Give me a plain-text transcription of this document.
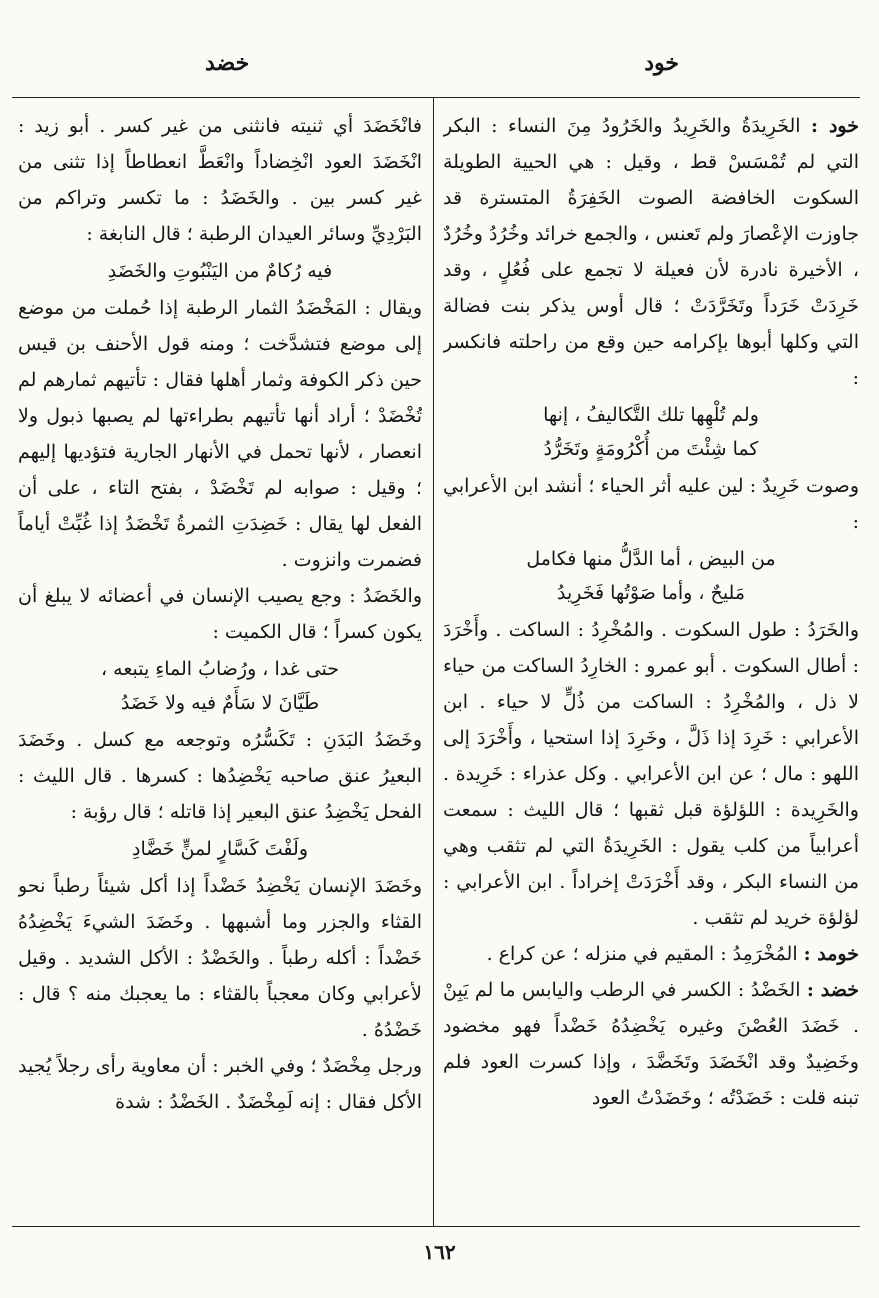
خود
خضد

خود : الخَرِيدَةُ والخَرِيدُ والخَرُودُ مِنَ النساء : البكر التي لم تُمْسَسْ قط ، وقيل : هي الحيية الطويلة السكوت الخافضة الصوت الخَفِرَةُ المتسترة قد جاوزت الإعْصارَ ولم تَعنس ، والجمع خرائد وخُرُدُ وخُرُدٌ ، الأخيرة نادرة لأن فعيلة لا تجمع على فُعُلٍ ، وقد خَرِدَتْ خَرَداً وتَخَرَّدَتْ ؛ قال أوس يذكر بنت فضالة التي وكلها أبوها بإكرامه حين وقع من راحلته فانكسر :

ولم تُلْهِها تلك التَّكاليفُ ، إنها
كما شِئْتَ من أُكْرُومَةٍ وتَخَرُّدُ

وصوت خَرِيدٌ : لين عليه أثر الحياء ؛ أنشد ابن الأعرابي :

من البيض ، أما الدَّلُّ منها فكامل
مَليحٌ ، وأما صَوْتُها فَخَرِيدُ

والخَرَدُ : طول السكوت . والمُخْرِدُ : الساكت . وأَخْرَدَ : أطال السكوت . أبو عمرو : الخارِدُ الساكت من حياء لا ذل ، والمُخْرِدُ : الساكت من ذُلٍّ لا حياء . ابن الأعرابي : خَرِدَ إذا ذَلَّ ، وخَرِدَ إذا استحيا ، وأَخْرَدَ إلى اللهو : مال ؛ عن ابن الأعرابي . وكل عذراء : خَرِيدة . والخَرِيدة : اللؤلؤة قبل ثقبها ؛ قال الليث : سمعت أعرابياً من كلب يقول : الخَرِيدَةُ التي لم تثقب وهي من النساء البكر ، وقد أَخْرَدَتْ إخراداً . ابن الأعرابي : لؤلؤة خريد لم تثقب .

خومد : المُخْرَمِدُ : المقيم في منزله ؛ عن كراع .

خضد : الخَضْدُ : الكسر في الرطب واليابس ما لم يَبِنْ . خَضَدَ العُصْنَ وغيره يَخْضِدُهُ خَضْداً فهو مخضود وخَضِيدٌ وقد انْخَضَدَ وتَخَضَّدَ ، وإذا كسرت العود فلم تبنه قلت : خَضَدْتُه ؛ وخَضَدْتُ العود

فانْخَضَدَ أي ثنيته فانثنى من غير كسر . أبو زيد : انْخَضَدَ العود انْخِضاداً وانْعَطَّ انعطاطاً إذا تثنى من غير كسر بين . والخَضَدُ : ما تكسر وتراكم من البَرْدِيِّ وسائر العيدان الرطبة ؛ قال النابغة :

فيه رُكامٌ من اليَنْبُوتِ والخَضَدِ

ويقال : المَخْضَدُ الثمار الرطبة إذا حُملت من موضع إلى موضع فتشدَّخت ؛ ومنه قول الأحنف بن قيس حين ذكر الكوفة وثمار أهلها فقال : تأتيهم ثمارهم لم تُخْضَدْ ؛ أراد أنها تأتيهم بطراءتها لم يصبها ذبول ولا انعصار ، لأنها تحمل في الأنهار الجارية فتؤديها إليهم ؛ وقيل : صوابه لم تَخْضَدْ ، بفتح التاء ، على أن الفعل لها يقال : خَضِدَتِ الثمرةُ تَخْضَدُ إذا غُبِّتْ أياماً فضمرت وانزوت .

والخَضَدُ : وجع يصيب الإنسان في أعضائه لا يبلغ أن يكون كسراً ؛ قال الكميت :

حتى غدا ، ورُضابُ الماءِ يتبعه ،
طَيَّانَ لا سَأَمٌ فيه ولا خَضَدُ

وخَضَدُ البَدَنِ : تَكَسُّرُه وتوجعه مع كسل . وخَضَدَ البعيرُ عنق صاحبه يَخْضِدُها : كسرها . قال الليث : الفحل يَخْضِدُ عنق البعير إذا قاتله ؛ قال رؤبة :

ولَفْتَ كَسَّارٍ لمنٍّ خَضَّادِ

وخَضَدَ الإنسان يَخْضِدُ خَضْداً إذا أكل شيئاً رطباً نحو القثاء والجزر وما أشبهها . وخَضَدَ الشيءَ يَخْضِدُهُ خَضْداً : أكله رطباً . والخَضْدُ : الأكل الشديد . وقيل لأعرابي وكان معجباً بالقثاء : ما يعجبك منه ؟ قال : خَضْدُهُ .

ورجل مِخْضَدٌ ؛ وفي الخبر : أن معاوية رأى رجلاً يُجيد الأكل فقال : إنه لَمِخْضَدٌ . الخَضْدُ : شدة

١٦٢
